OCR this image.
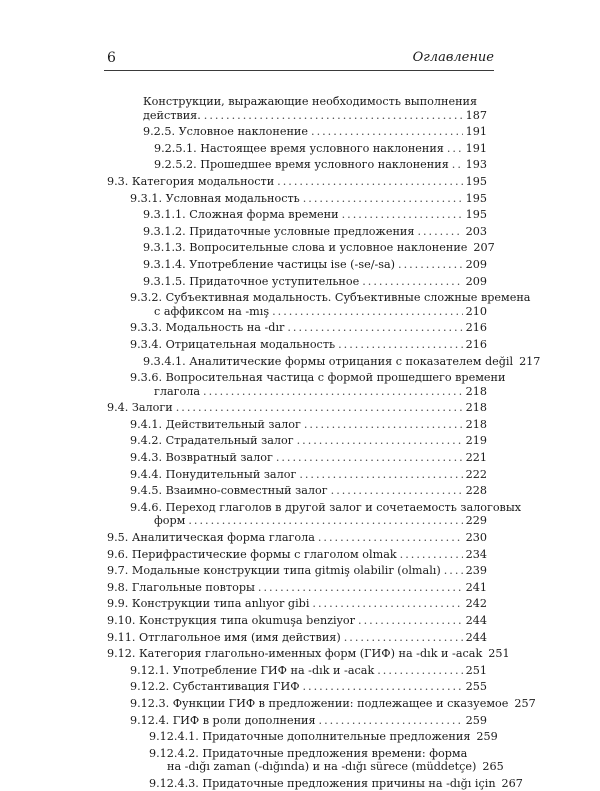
6	Оглавление
Конструкции, выражающие необходимость выполнения
действия. .....	187
9.2.5. Условное наклонение .....	191
9.2.5.1. Настоящее время условного наклонения ..... 191
9.2.5.2. Прошедшее время условного наклонения ..... 193
9.3. Категория модальности .....	195
9.3.1. Условная модальность .....	195
9.3.1.1. Сложная форма времени .....	195
9.3.1.2. Придаточные условные предложения .....	203
9.3.1.3. Вопросительные слова и условное наклонение 207
9.3.1.4. Употребление частицы ise (-se/-sa) .....	209
9.3.1.5. Придаточное уступительное .....	209
9.3.2. Субъективная модальность. Субъективные сложные времена
с аффиксом на -mış .....	210
9.3.3. Модальность на -dır .....	216
9.3.4. Отрицательная модальность .....	216
9.3.4.1. Аналитические формы отрицания с показателем değil 217
9.3.6. Вопросительная частица с формой прошедшего времени
глагола .....	218
9.4. Залоги .....	218
9.4.1. Действительный залог .....	218
9.4.2. Страдательный залог .....	219
9.4.3. Возвратный залог .....	221
9.4.4. Понудительный залог .....	222
9.4.5. Взаимно-совместный залог .....	228
9.4.6. Переход глаголов в другой залог и сочетаемость залоговых
форм .....	229
9.5. Аналитическая форма глагола .....	230
9.6. Перифрастические формы с глаголом olmak .....	234
9.7. Модальные конструкции типа gitmiş olabilir (olmalı) ..... 239
9.8. Глагольные повторы .....	241
9.9. Конструкции типа anlıyor gibi .....	242
9.10. Конструкция типа okumuşa benziyor .....	244
9.11. Отглагольное имя (имя действия) .....	244
9.12. Категория глагольно-именных форм (ГИФ) на -dık и -acak 251
9.12.1. Употребление ГИФ на -dık и -acak .....	251
9.12.2. Субстантивация ГИФ .....	255
9.12.3. Функции ГИФ в предложении: подлежащее и сказуемое 257
9.12.4. ГИФ в роли дополнения .....	259
9.12.4.1. Придаточные дополнительные предложения 259
9.12.4.2. Придаточные предложения времени: форма
на -dığı zaman (-dığında) и на -dığı sürece (müddetçe) 265
9.12.4.3. Придаточные предложения причины на -dığı için 267
